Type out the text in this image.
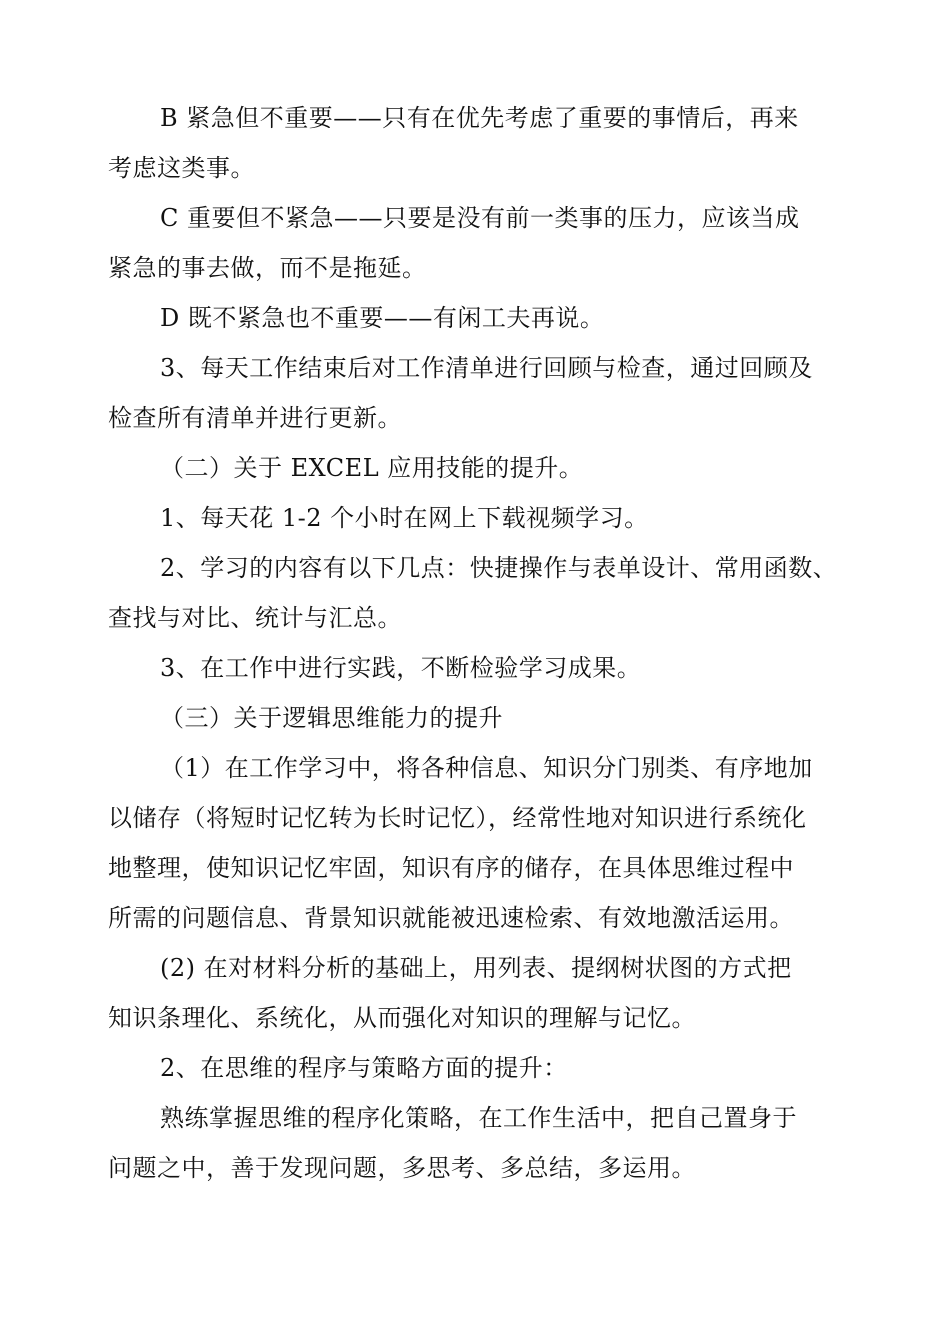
B 紧急但不重要——只有在优先考虑了重要的事情后，再来
考虑这类事。
C 重要但不紧急——只要是没有前一类事的压力，应该当成
紧急的事去做，而不是拖延。
D 既不紧急也不重要——有闲工夫再说。
3、每天工作结束后对工作清单进行回顾与检查，通过回顾及
检查所有清单并进行更新。
（二）关于 EXCEL 应用技能的提升。
1、每天花 1-2 个小时在网上下载视频学习。
2、学习的内容有以下几点：快捷操作与表单设计、常用函数、
查找与对比、统计与汇总。
3、在工作中进行实践，不断检验学习成果。
（三）关于逻辑思维能力的提升
（1）在工作学习中，将各种信息、知识分门别类、有序地加
以储存（将短时记忆转为长时记忆），经常性地对知识进行系统化
地整理，使知识记忆牢固，知识有序的储存，在具体思维过程中
所需的问题信息、背景知识就能被迅速检索、有效地激活运用。
(2) 在对材料分析的基础上，用列表、提纲树状图的方式把
知识条理化、系统化，从而强化对知识的理解与记忆。
2、在思维的程序与策略方面的提升：
熟练掌握思维的程序化策略，在工作生活中，把自己置身于
问题之中，善于发现问题，多思考、多总结，多运用。
